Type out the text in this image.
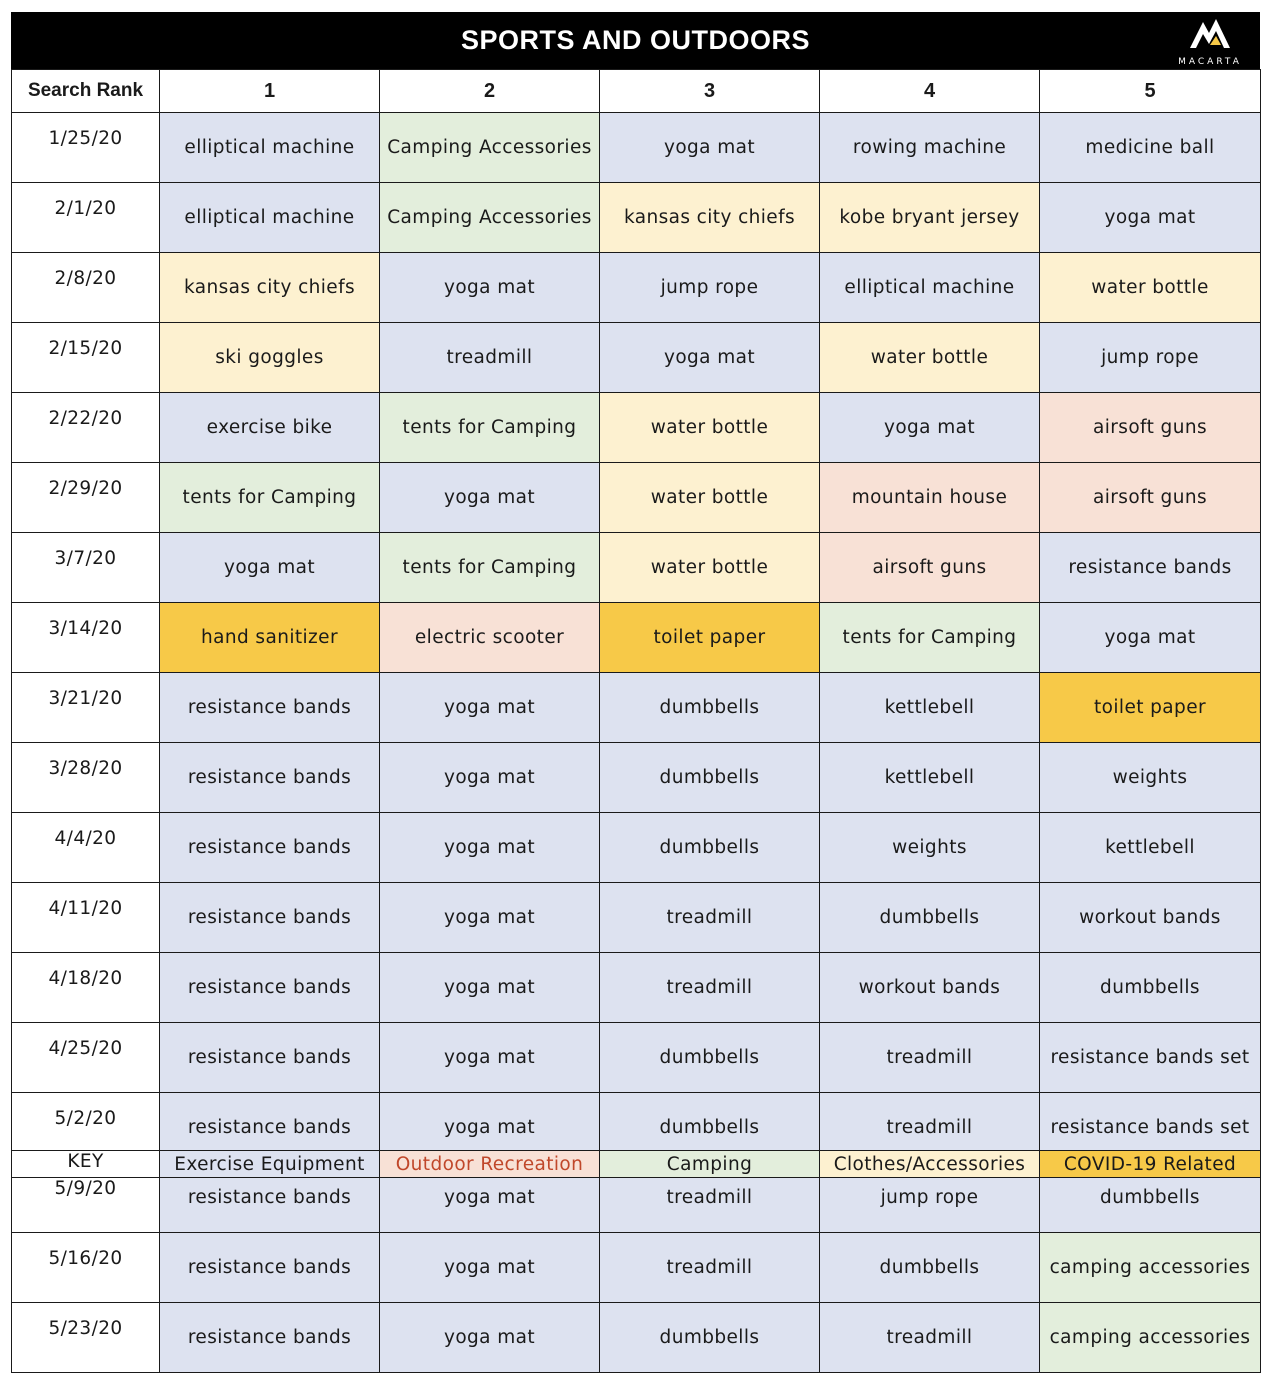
SPORTS AND OUTDOORS
MACARTA
Search Rank	1	2	3	4	5
1/25/20	elliptical machine	Camping Accessories	yoga mat	rowing machine	medicine ball
2/1/20	elliptical machine	Camping Accessories	kansas city chiefs	kobe bryant jersey	yoga mat
2/8/20	kansas city chiefs	yoga mat	jump rope	elliptical machine	water bottle
2/15/20	ski goggles	treadmill	yoga mat	water bottle	jump rope
2/22/20	exercise bike	tents for Camping	water bottle	yoga mat	airsoft guns
2/29/20	tents for Camping	yoga mat	water bottle	mountain house	airsoft guns
3/7/20	yoga mat	tents for Camping	water bottle	airsoft guns	resistance bands
3/14/20	hand sanitizer	electric scooter	toilet paper	tents for Camping	yoga mat
3/21/20	resistance bands	yoga mat	dumbbells	kettlebell	toilet paper
3/28/20	resistance bands	yoga mat	dumbbells	kettlebell	weights
4/4/20	resistance bands	yoga mat	dumbbells	weights	kettlebell
4/11/20	resistance bands	yoga mat	treadmill	dumbbells	workout bands
4/18/20	resistance bands	yoga mat	treadmill	workout bands	dumbbells
4/25/20	resistance bands	yoga mat	dumbbells	treadmill	resistance bands set
5/2/20	resistance bands	yoga mat	dumbbells	treadmill	resistance bands set
5/9/20	resistance bands	yoga mat	treadmill	jump rope	dumbbells
5/16/20	resistance bands	yoga mat	treadmill	dumbbells	camping accessories
5/23/20	resistance bands	yoga mat	dumbbells	treadmill	camping accessories
KEY	Exercise Equipment	Outdoor Recreation	Camping	Clothes/Accessories	COVID-19 Related
